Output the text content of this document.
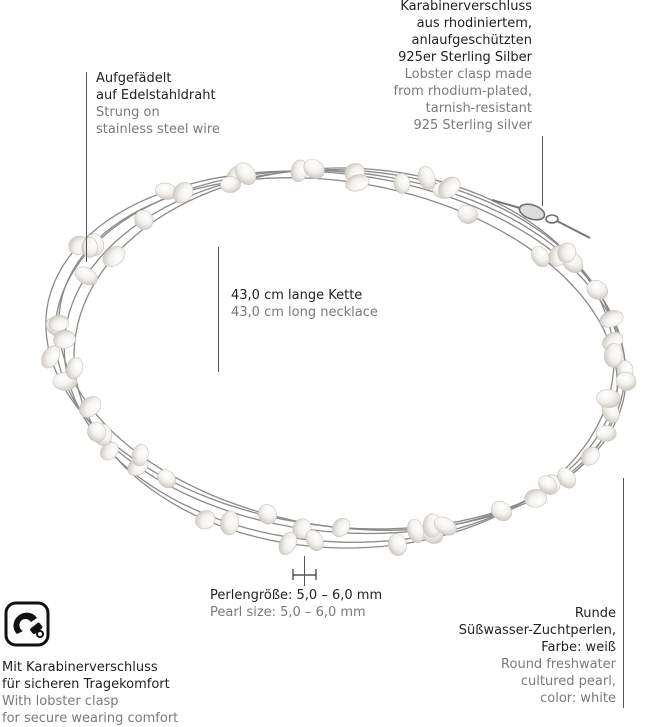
Karabinerverschluss
aus rhodiniertem,
anlaufgeschützten
925er Sterling Silber
Lobster clasp made
from rhodium-plated,
tarnish-resistant
925 Sterling silver
Aufgefädelt
auf Edelstahldraht
Strung on
stainless steel wire
43,0 cm lange Kette
43,0 cm long necklace
Perlengröße: 5,0 – 6,0 mm
Pearl size: 5,0 – 6,0 mm	Runde
Süßwasser-Zuchtperlen,
Farbe: weiß
Round freshwater
cultured pearl,
color: white
Mit Karabinerverschluss
für sicheren Tragekomfort
With lobster clasp
for secure wearing comfort
